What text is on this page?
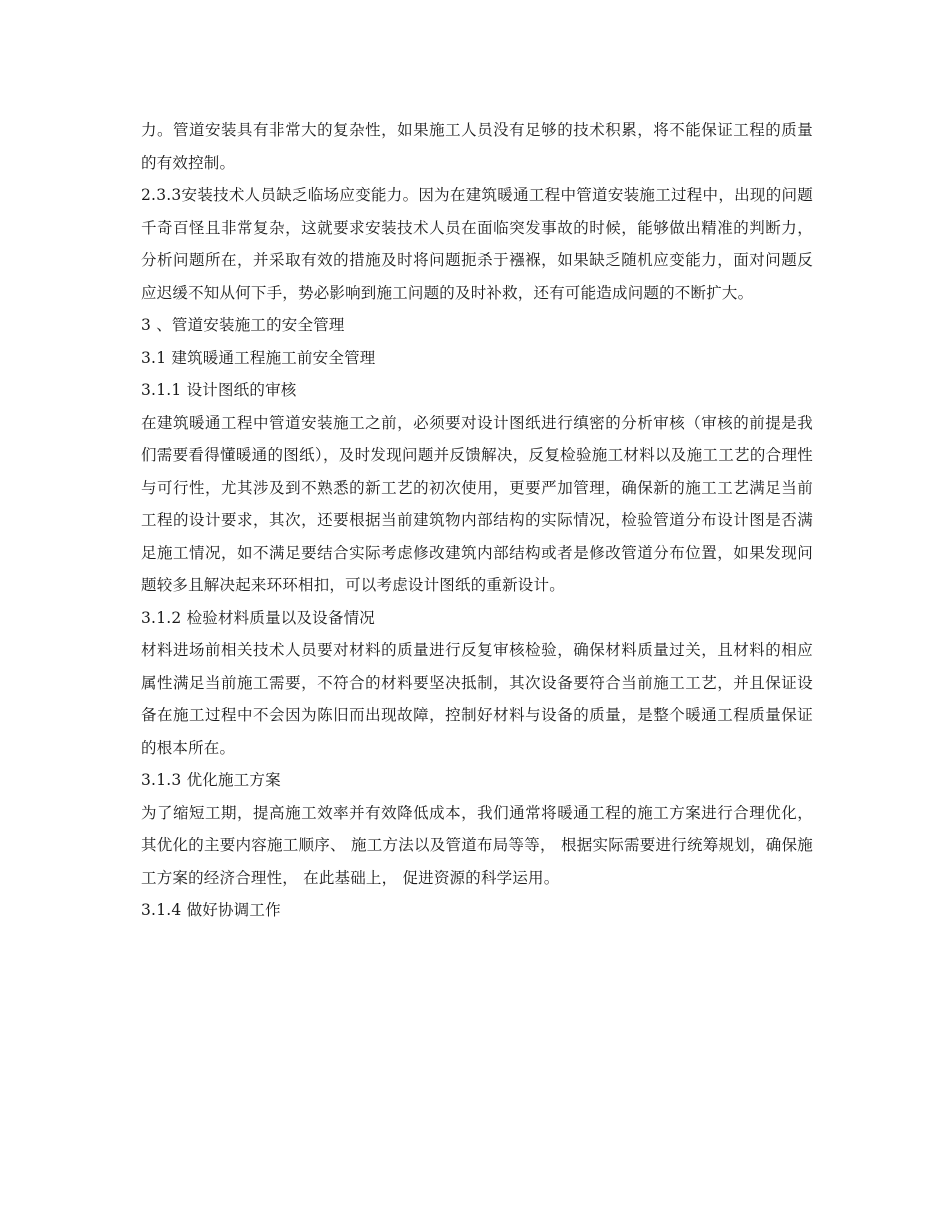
力。管道安装具有非常大的复杂性，如果施工人员没有足够的技术积累，将不能保证工程的质量的有效控制。

2.3.3安装技术人员缺乏临场应变能力。因为在建筑暖通工程中管道安装施工过程中，出现的问题千奇百怪且非常复杂，这就要求安装技术人员在面临突发事故的时候，能够做出精准的判断力，分析问题所在，并采取有效的措施及时将问题扼杀于襁褓，如果缺乏随机应变能力，面对问题反应迟缓不知从何下手，势必影响到施工问题的及时补救，还有可能造成问题的不断扩大。

3 、管道安装施工的安全管理

3.1 建筑暖通工程施工前安全管理

3.1.1 设计图纸的审核

在建筑暖通工程中管道安装施工之前，必须要对设计图纸进行缜密的分析审核（审核的前提是我们需要看得懂暖通的图纸），及时发现问题并反馈解决，反复检验施工材料以及施工工艺的合理性与可行性，尤其涉及到不熟悉的新工艺的初次使用，更要严加管理，确保新的施工工艺满足当前工程的设计要求，其次，还要根据当前建筑物内部结构的实际情况，检验管道分布设计图是否满足施工情况，如不满足要结合实际考虑修改建筑内部结构或者是修改管道分布位置，如果发现问题较多且解决起来环环相扣，可以考虑设计图纸的重新设计。

3.1.2 检验材料质量以及设备情况

材料进场前相关技术人员要对材料的质量进行反复审核检验，确保材料质量过关，且材料的相应属性满足当前施工需要，不符合的材料要坚决抵制，其次设备要符合当前施工工艺，并且保证设备在施工过程中不会因为陈旧而出现故障，控制好材料与设备的质量，是整个暖通工程质量保证的根本所在。

3.1.3 优化施工方案

为了缩短工期，提高施工效率并有效降低成本，我们通常将暖通工程的施工方案进行合理优化，其优化的主要内容施工顺序、 施工方法以及管道布局等等， 根据实际需要进行统筹规划，确保施工方案的经济合理性， 在此基础上， 促进资源的科学运用。

3.1.4 做好协调工作
